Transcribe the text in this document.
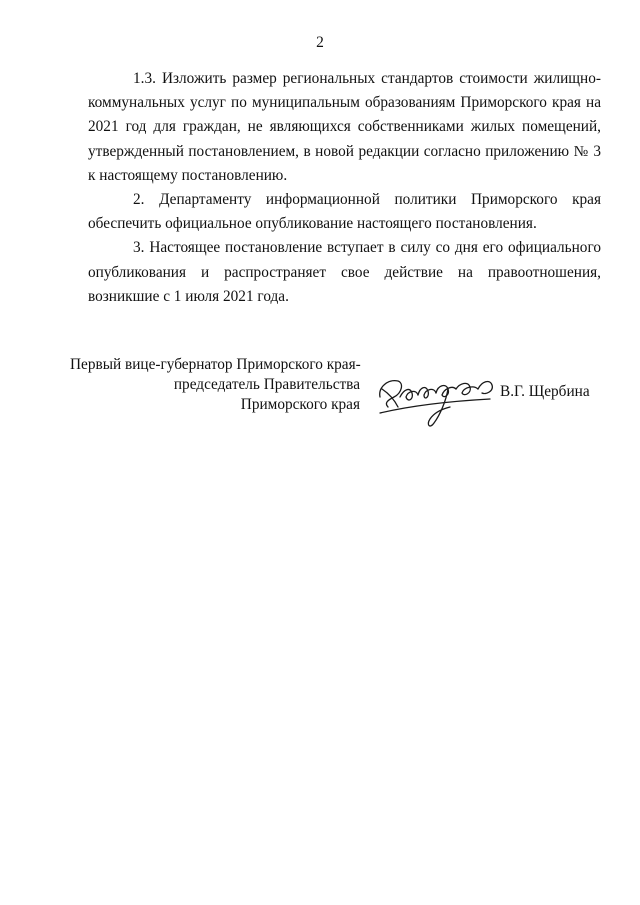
2

1.3. Изложить размер региональных стандартов стоимости жилищно-коммунальных услуг по муниципальным образованиям Приморского края на 2021 год для граждан, не являющихся собственниками жилых помещений, утвержденный постановлением, в новой редакции согласно приложению № 3 к настоящему постановлению.

2. Департаменту информационной политики Приморского края обеспечить официальное опубликование настоящего постановления.

3. Настоящее постановление вступает в силу со дня его официального опубликования и распространяет свое действие на правоотношения, возникшие с 1 июля 2021 года.

Первый вице-губернатор Приморского края-
председатель Правительства
Приморского края
В.Г. Щербина
